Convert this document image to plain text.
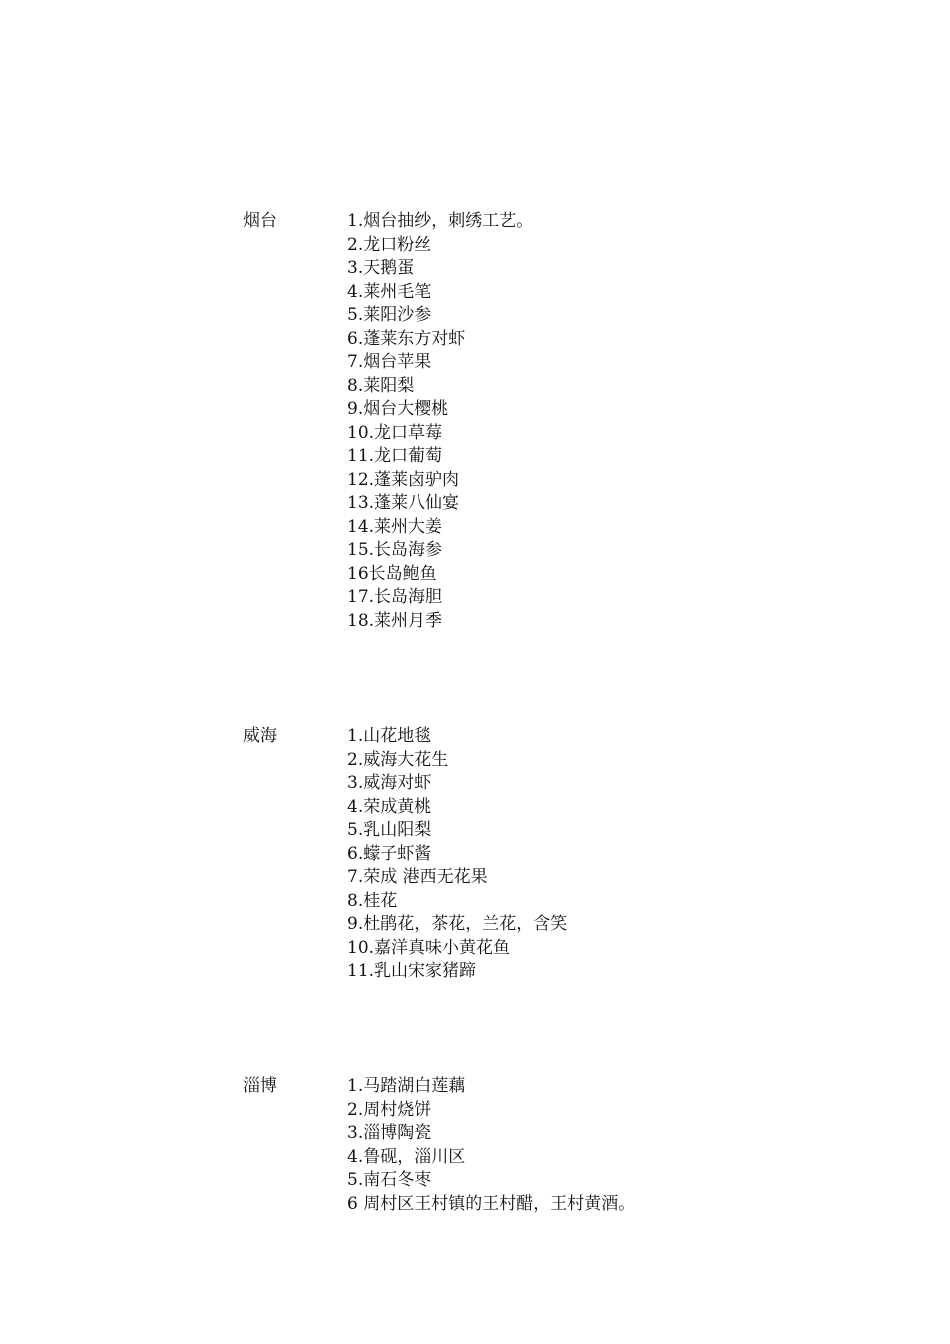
烟台	1.烟台抽纱，刺绣工艺。
2.龙口粉丝
3.天鹅蛋
4.莱州毛笔
5.莱阳沙参
6.蓬莱东方对虾
7.烟台苹果
8.莱阳梨
9.烟台大樱桃
10.龙口草莓
11.龙口葡萄
12.蓬莱卤驴肉
13.蓬莱八仙宴
14.莱州大姜
15.长岛海参
16长岛鲍鱼
17.长岛海胆
18.莱州月季
威海	1.山花地毯
2.威海大花生
3.威海对虾
4.荣成黄桃
5.乳山阳梨
6.蠓子虾酱
7.荣成 港西无花果
8.桂花
9.杜鹃花，茶花，兰花，含笑
10.嘉洋真味小黄花鱼
11.乳山宋家猪蹄
淄博	1.马踏湖白莲藕
2.周村烧饼
3.淄博陶瓷
4.鲁砚，淄川区
5.南石冬枣
6 周村区王村镇的王村醋，王村黄酒。
